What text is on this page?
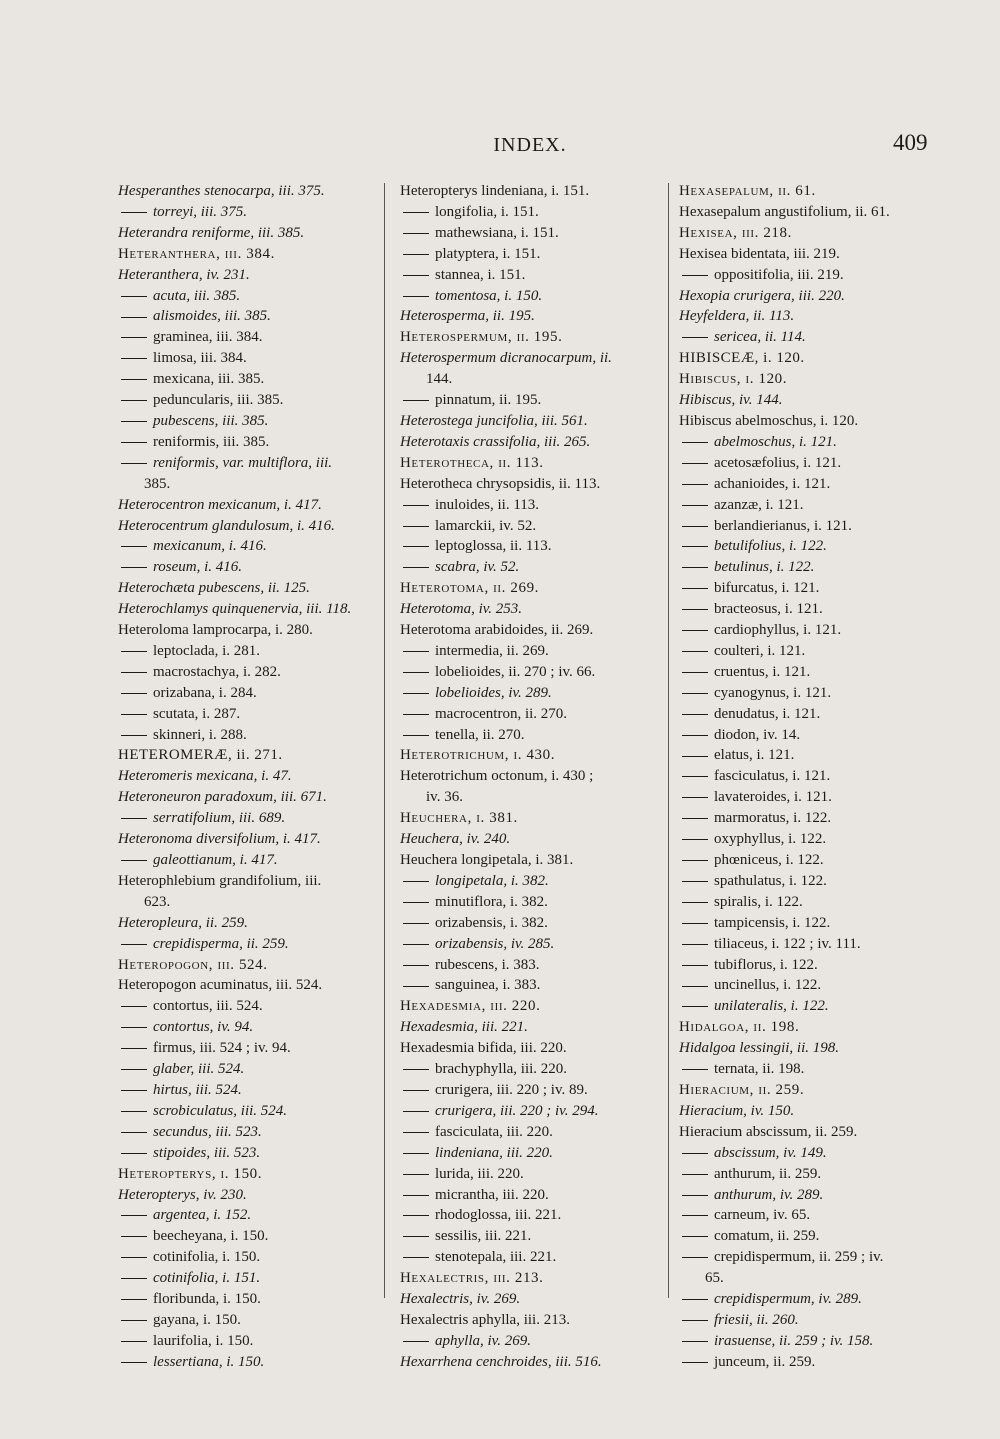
INDEX.	409
Hesperanthes stenocarpa, iii. 375.
torreyi, iii. 375.
Heterandra reniforme, iii. 385.
Heteranthera, iii. 384.
Heteranthera, iv. 231.
acuta, iii. 385.
alismoides, iii. 385.
graminea, iii. 384.
limosa, iii. 384.
mexicana, iii. 385.
peduncularis, iii. 385.
pubescens, iii. 385.
reniformis, iii. 385.
reniformis, var. multiflora, iii.
385.
Heterocentron mexicanum, i. 417.
Heterocentrum glandulosum, i. 416.
mexicanum, i. 416.
roseum, i. 416.
Heterochæta pubescens, ii. 125.
Heterochlamys quinquenervia, iii. 118.
Heteroloma lamprocarpa, i. 280.
leptoclada, i. 281.
macrostachya, i. 282.
orizabana, i. 284.
scutata, i. 287.
skinneri, i. 288.
HETEROMERÆ, ii. 271.
Heteromeris mexicana, i. 47.
Heteroneuron paradoxum, iii. 671.
serratifolium, iii. 689.
Heteronoma diversifolium, i. 417.
galeottianum, i. 417.
Heterophlebium grandifolium, iii.
623.
Heteropleura, ii. 259.
crepidisperma, ii. 259.
Heteropogon, iii. 524.
Heteropogon acuminatus, iii. 524.
contortus, iii. 524.
contortus, iv. 94.
firmus, iii. 524 ; iv. 94.
glaber, iii. 524.
hirtus, iii. 524.
scrobiculatus, iii. 524.
secundus, iii. 523.
stipoides, iii. 523.
Heteropterys, i. 150.
Heteropterys, iv. 230.
argentea, i. 152.
beecheyana, i. 150.
cotinifolia, i. 150.
cotinifolia, i. 151.
floribunda, i. 150.
gayana, i. 150.
laurifolia, i. 150.
lessertiana, i. 150.
Heteropterys lindeniana, i. 151.
longifolia, i. 151.
mathewsiana, i. 151.
platyptera, i. 151.
stannea, i. 151.
tomentosa, i. 150.
Heterosperma, ii. 195.
Heterospermum, ii. 195.
Heterospermum dicranocarpum, ii.
144.
pinnatum, ii. 195.
Heterostega juncifolia, iii. 561.
Heterotaxis crassifolia, iii. 265.
Heterotheca, ii. 113.
Heterotheca chrysopsidis, ii. 113.
inuloides, ii. 113.
lamarckii, iv. 52.
leptoglossa, ii. 113.
scabra, iv. 52.
Heterotoma, ii. 269.
Heterotoma, iv. 253.
Heterotoma arabidoides, ii. 269.
intermedia, ii. 269.
lobelioides, ii. 270 ; iv. 66.
lobelioides, iv. 289.
macrocentron, ii. 270.
tenella, ii. 270.
Heterotrichum, i. 430.
Heterotrichum octonum, i. 430 ;
iv. 36.
Heuchera, i. 381.
Heuchera, iv. 240.
Heuchera longipetala, i. 381.
longipetala, i. 382.
minutiflora, i. 382.
orizabensis, i. 382.
orizabensis, iv. 285.
rubescens, i. 383.
sanguinea, i. 383.
Hexadesmia, iii. 220.
Hexadesmia, iii. 221.
Hexadesmia bifida, iii. 220.
brachyphylla, iii. 220.
crurigera, iii. 220 ; iv. 89.
crurigera, iii. 220 ; iv. 294.
fasciculata, iii. 220.
lindeniana, iii. 220.
lurida, iii. 220.
micrantha, iii. 220.
rhodoglossa, iii. 221.
sessilis, iii. 221.
stenotepala, iii. 221.
Hexalectris, iii. 213.
Hexalectris, iv. 269.
Hexalectris aphylla, iii. 213.
aphylla, iv. 269.
Hexarrhena cenchroides, iii. 516.
Hexasepalum, ii. 61.
Hexasepalum angustifolium, ii. 61.
Hexisea, iii. 218.
Hexisea bidentata, iii. 219.
oppositifolia, iii. 219.
Hexopia crurigera, iii. 220.
Heyfeldera, ii. 113.
sericea, ii. 114.
HIBISCEÆ, i. 120.
Hibiscus, i. 120.
Hibiscus, iv. 144.
Hibiscus abelmoschus, i. 120.
abelmoschus, i. 121.
acetosæfolius, i. 121.
achanioides, i. 121.
azanzæ, i. 121.
berlandierianus, i. 121.
betulifolius, i. 122.
betulinus, i. 122.
bifurcatus, i. 121.
bracteosus, i. 121.
cardiophyllus, i. 121.
coulteri, i. 121.
cruentus, i. 121.
cyanogynus, i. 121.
denudatus, i. 121.
diodon, iv. 14.
elatus, i. 121.
fasciculatus, i. 121.
lavateroides, i. 121.
marmoratus, i. 122.
oxyphyllus, i. 122.
phœniceus, i. 122.
spathulatus, i. 122.
spiralis, i. 122.
tampicensis, i. 122.
tiliaceus, i. 122 ; iv. 111.
tubiflorus, i. 122.
uncinellus, i. 122.
unilateralis, i. 122.
Hidalgoa, ii. 198.
Hidalgoa lessingii, ii. 198.
ternata, ii. 198.
Hieracium, ii. 259.
Hieracium, iv. 150.
Hieracium abscissum, ii. 259.
abscissum, iv. 149.
anthurum, ii. 259.
anthurum, iv. 289.
carneum, iv. 65.
comatum, ii. 259.
crepidispermum, ii. 259 ; iv.
65.
crepidispermum, iv. 289.
friesii, ii. 260.
irasuense, ii. 259 ; iv. 158.
junceum, ii. 259.
